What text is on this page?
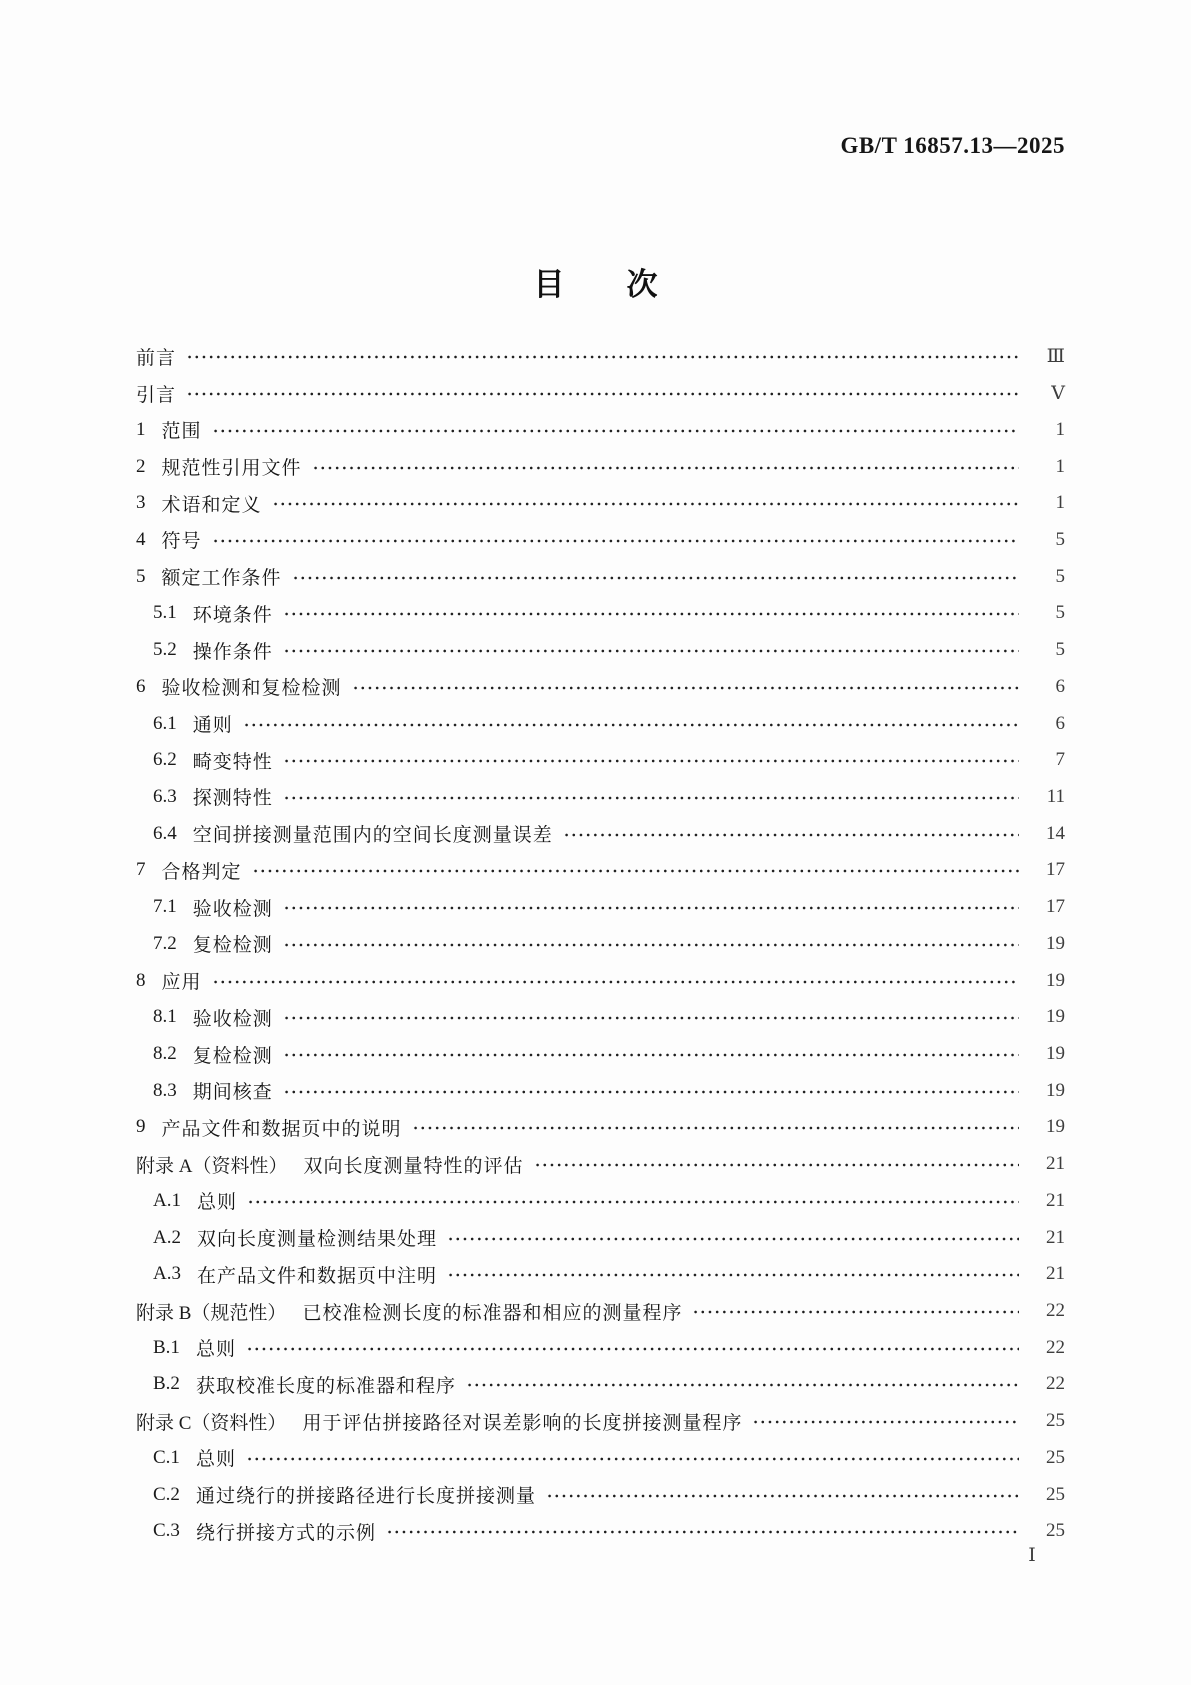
GB/T 16857.13—2025
目　　次
前言	Ⅲ
引言	Ⅴ
1 范围	1
2 规范性引用文件	1
3 术语和定义	1
4 符号	5
5 额定工作条件	5
5.1 环境条件	5
5.2 操作条件	5
6 验收检测和复检检测	6
6.1 通则	6
6.2 畸变特性	7
6.3 探测特性	11
6.4 空间拼接测量范围内的空间长度测量误差	14
7 合格判定	17
7.1 验收检测	17
7.2 复检检测	19
8 应用	19
8.1 验收检测	19
8.2 复检检测	19
8.3 期间核查	19
9 产品文件和数据页中的说明	19
附录 A（资料性） 双向长度测量特性的评估	21
A.1 总则	21
A.2 双向长度测量检测结果处理	21
A.3 在产品文件和数据页中注明	21
附录 B（规范性） 已校准检测长度的标准器和相应的测量程序	22
B.1 总则	22
B.2 获取校准长度的标准器和程序	22
附录 C（资料性） 用于评估拼接路径对误差影响的长度拼接测量程序	25
C.1 总则	25
C.2 通过绕行的拼接路径进行长度拼接测量	25
C.3 绕行拼接方式的示例	25
Ⅰ
